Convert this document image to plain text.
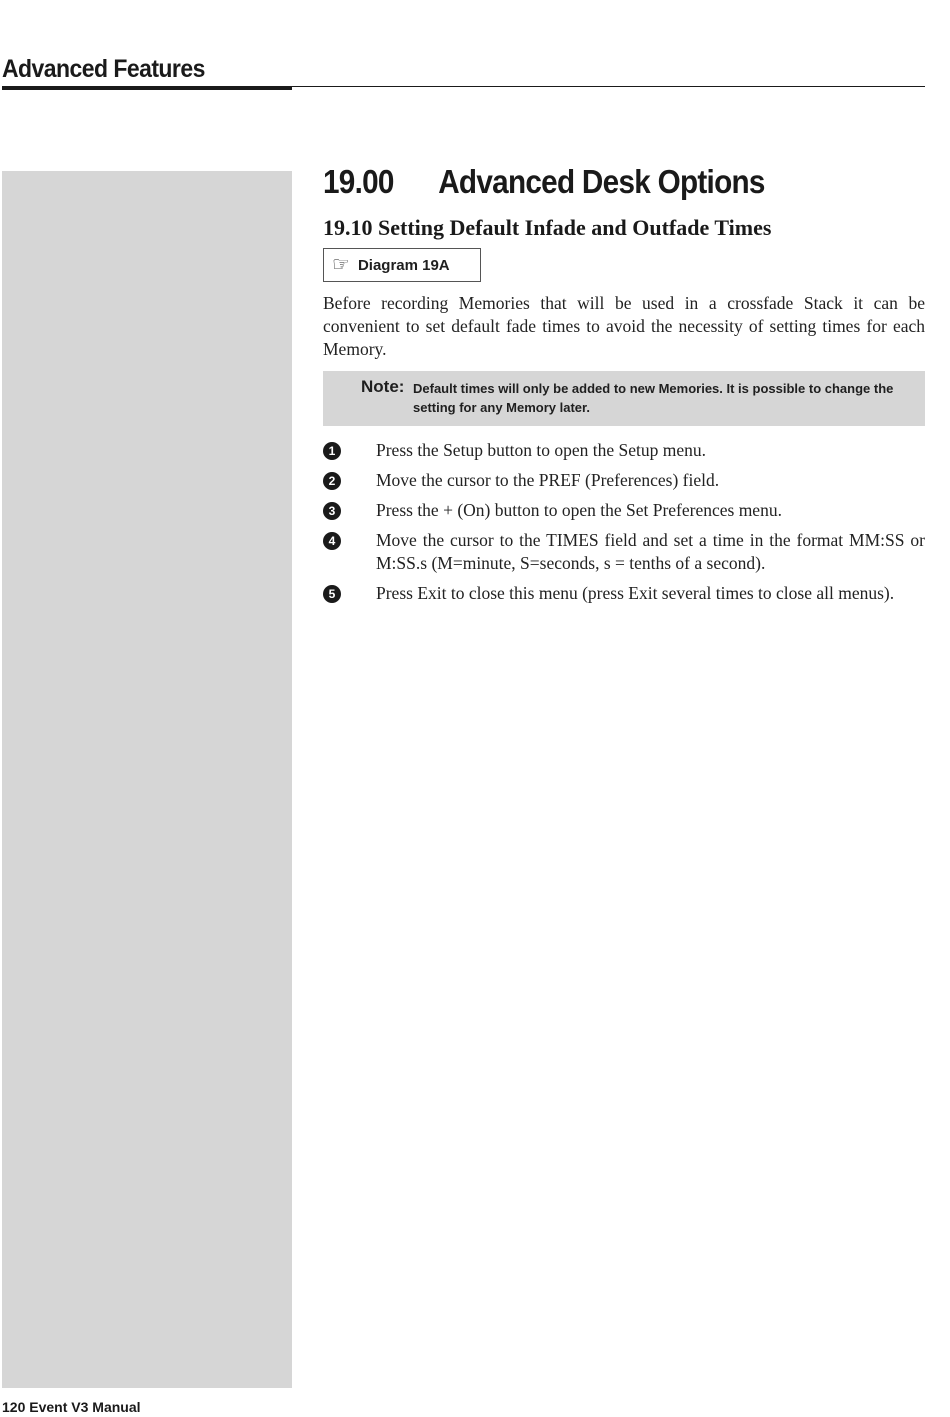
Advanced Features
19.00 Advanced Desk Options
19.10 Setting Default Infade and Outfade Times
☞ Diagram 19A

Before recording Memories that will be used in a crossfade Stack it can be convenient to set default fade times to avoid the necessity of setting times for each Memory.

Note: Default times will only be added to new Memories. It is possible to change the setting for any Memory later.
1	Press the Setup button to open the Setup menu.
2	Move the cursor to the PREF (Preferences) field.
3	Press the + (On) button to open the Set Preferences menu.
4	Move the cursor to the TIMES field and set a time in the format MM:SS or M:SS.s (M=minute, S=seconds, s = tenths of a second).
5	Press Exit to close this menu (press Exit several times to close all menus).
120 Event V3 Manual
